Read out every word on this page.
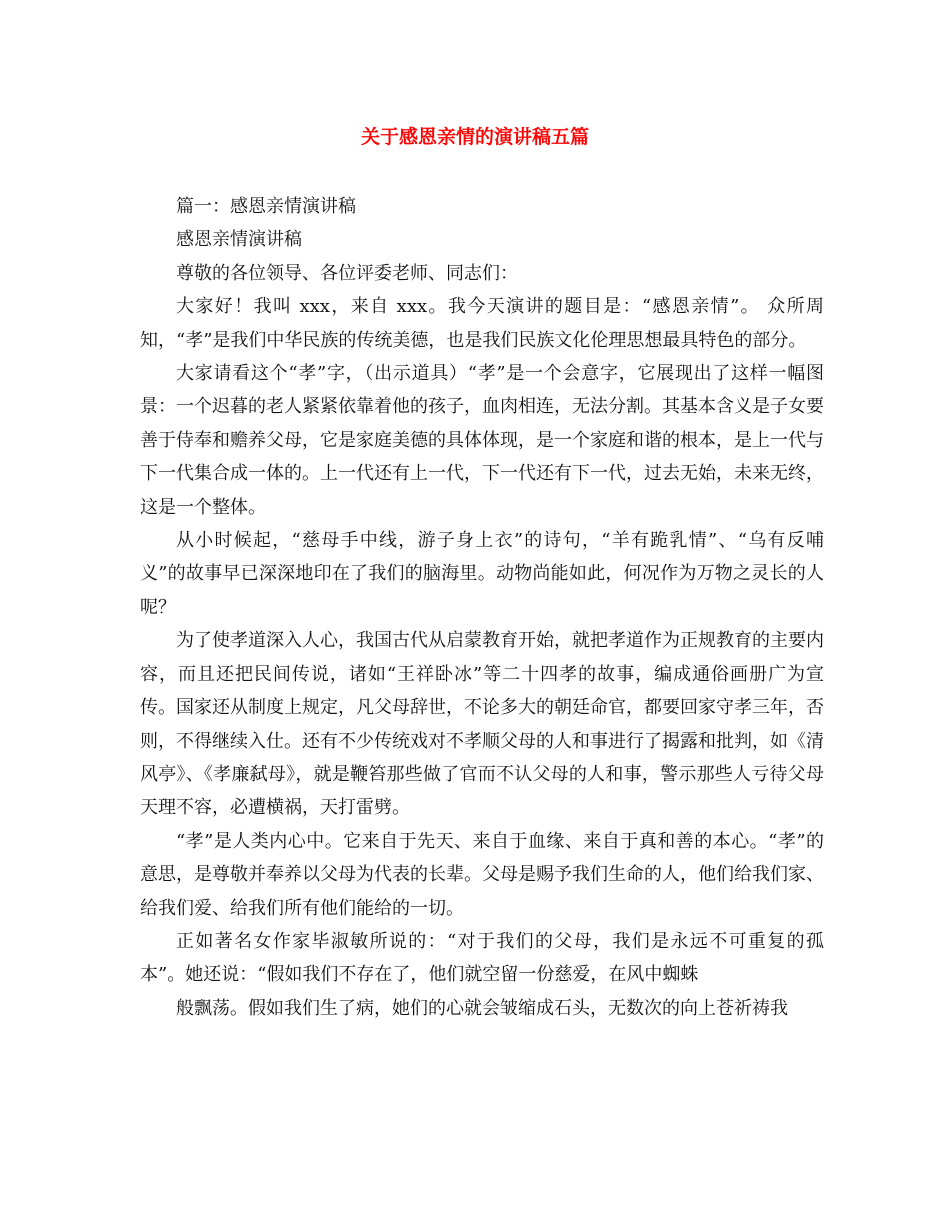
关于感恩亲情的演讲稿五篇

篇一：感恩亲情演讲稿

感恩亲情演讲稿

尊敬的各位领导、各位评委老师、同志们：

大家好！我叫 xxx，来自 xxx。我今天演讲的题目是：“感恩亲情”。 众所周知，“孝”是我们中华民族的传统美德，也是我们民族文化伦理思想最具特色的部分。

大家请看这个“孝”字，（出示道具）“孝”是一个会意字，它展现出了这样一幅图景：一个迟暮的老人紧紧依靠着他的孩子，血肉相连，无法分割。其基本含义是子女要善于侍奉和赡养父母，它是家庭美德的具体体现，是一个家庭和谐的根本，是上一代与下一代集合成一体的。上一代还有上一代，下一代还有下一代，过去无始，未来无终，这是一个整体。

从小时候起，“慈母手中线，游子身上衣”的诗句，“羊有跪乳情”、“乌有反哺义”的故事早已深深地印在了我们的脑海里。动物尚能如此，何况作为万物之灵长的人呢？

为了使孝道深入人心，我国古代从启蒙教育开始，就把孝道作为正规教育的主要内容，而且还把民间传说，诸如“王祥卧冰”等二十四孝的故事，编成通俗画册广为宣传。国家还从制度上规定，凡父母辞世，不论多大的朝廷命官，都要回家守孝三年，否则，不得继续入仕。还有不少传统戏对不孝顺父母的人和事进行了揭露和批判，如《清风亭》、《孝廉弑母》，就是鞭笞那些做了官而不认父母的人和事，警示那些人亏待父母天理不容，必遭横祸，天打雷劈。

“孝”是人类内心中。它来自于先天、来自于血缘、来自于真和善的本心。“孝”的意思，是尊敬并奉养以父母为代表的长辈。父母是赐予我们生命的人，他们给我们家、给我们爱、给我们所有他们能给的一切。

正如著名女作家毕淑敏所说的：“对于我们的父母，我们是永远不可重复的孤本”。她还说：“假如我们不存在了，他们就空留一份慈爱，在风中蜘蛛

般飘荡。假如我们生了病，她们的心就会皱缩成石头，无数次的向上苍祈祷我
